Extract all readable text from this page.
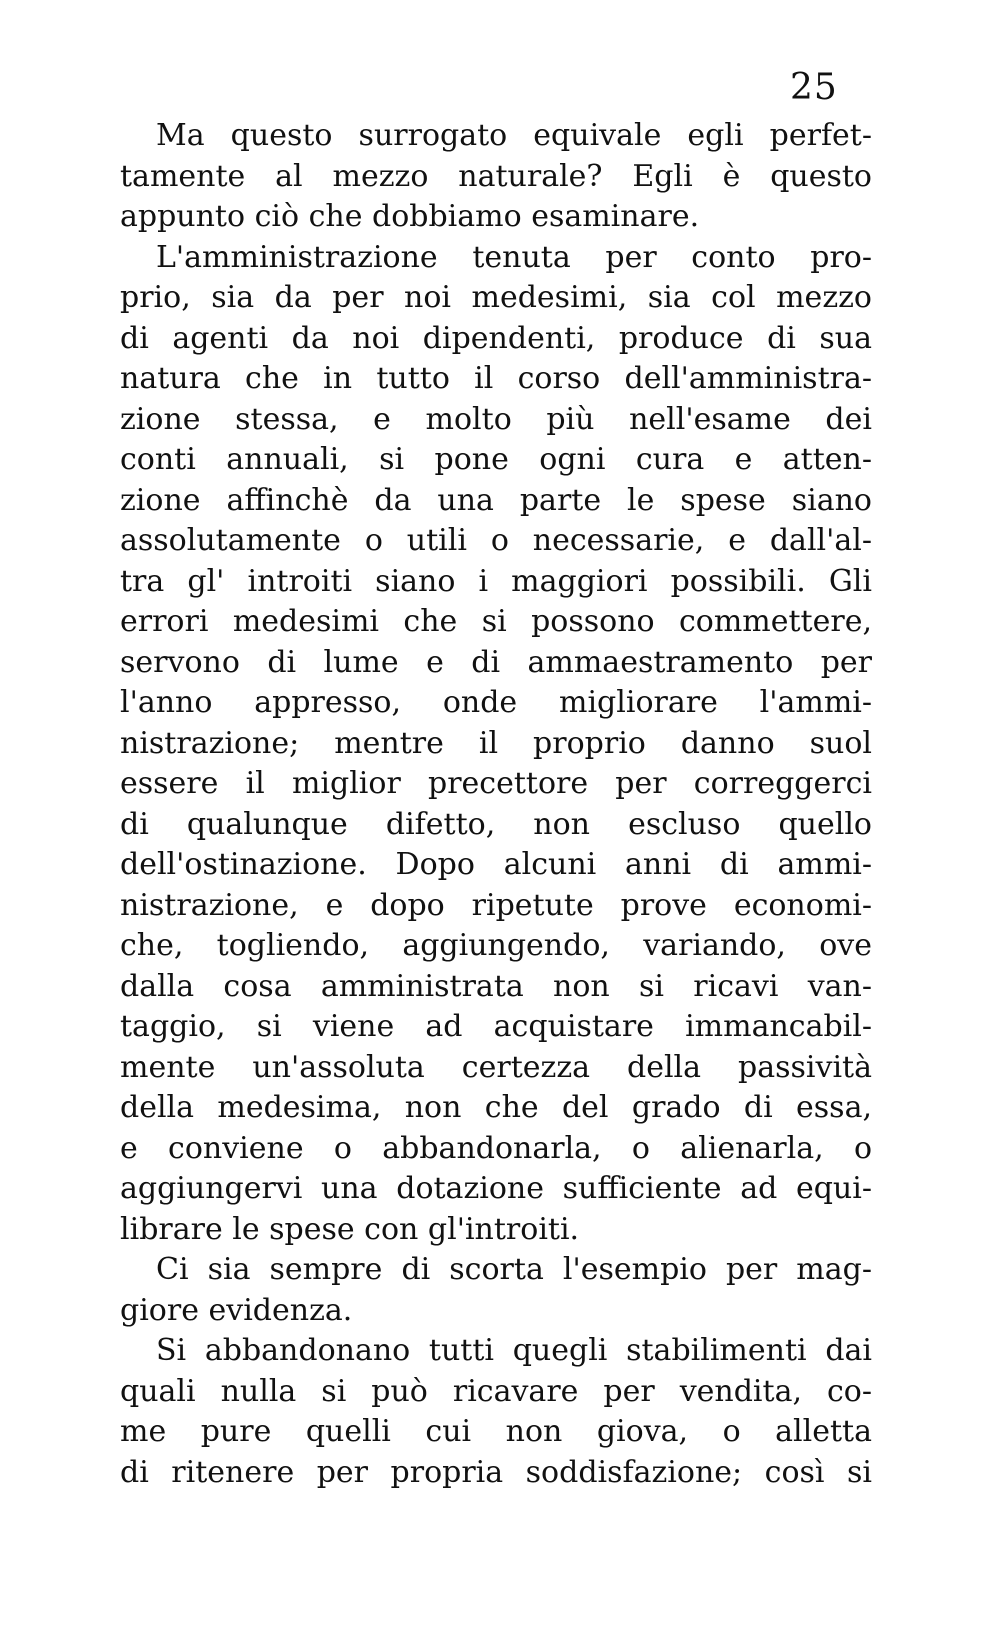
25
Ma questo surrogato equivale egli perfet-
tamente al mezzo naturale? Egli è questo
appunto ciò che dobbiamo esaminare.
L'amministrazione tenuta per conto pro-
prio, sia da per noi medesimi, sia col mezzo
di agenti da noi dipendenti, produce di sua
natura che in tutto il corso dell'amministra-
zione stessa, e molto più nell'esame dei
conti annuali, si pone ogni cura e atten-
zione affinchè da una parte le spese siano
assolutamente o utili o necessarie, e dall'al-
tra gl' introiti siano i maggiori possibili. Gli
errori medesimi che si possono commettere,
servono di lume e di ammaestramento per
l'anno appresso, onde migliorare l'ammi-
nistrazione; mentre il proprio danno suol
essere il miglior precettore per correggerci
di qualunque difetto, non escluso quello
dell'ostinazione. Dopo alcuni anni di ammi-
nistrazione, e dopo ripetute prove economi-
che, togliendo, aggiungendo, variando, ove
dalla cosa amministrata non si ricavi van-
taggio, si viene ad acquistare immancabil-
mente un'assoluta certezza della passività
della medesima, non che del grado di essa,
e conviene o abbandonarla, o alienarla, o
aggiungervi una dotazione sufficiente ad equi-
librare le spese con gl'introiti.
Ci sia sempre di scorta l'esempio per mag-
giore evidenza.
Si abbandonano tutti quegli stabilimenti dai
quali nulla si può ricavare per vendita, co-
me pure quelli cui non giova, o alletta
di ritenere per propria soddisfazione; così si
